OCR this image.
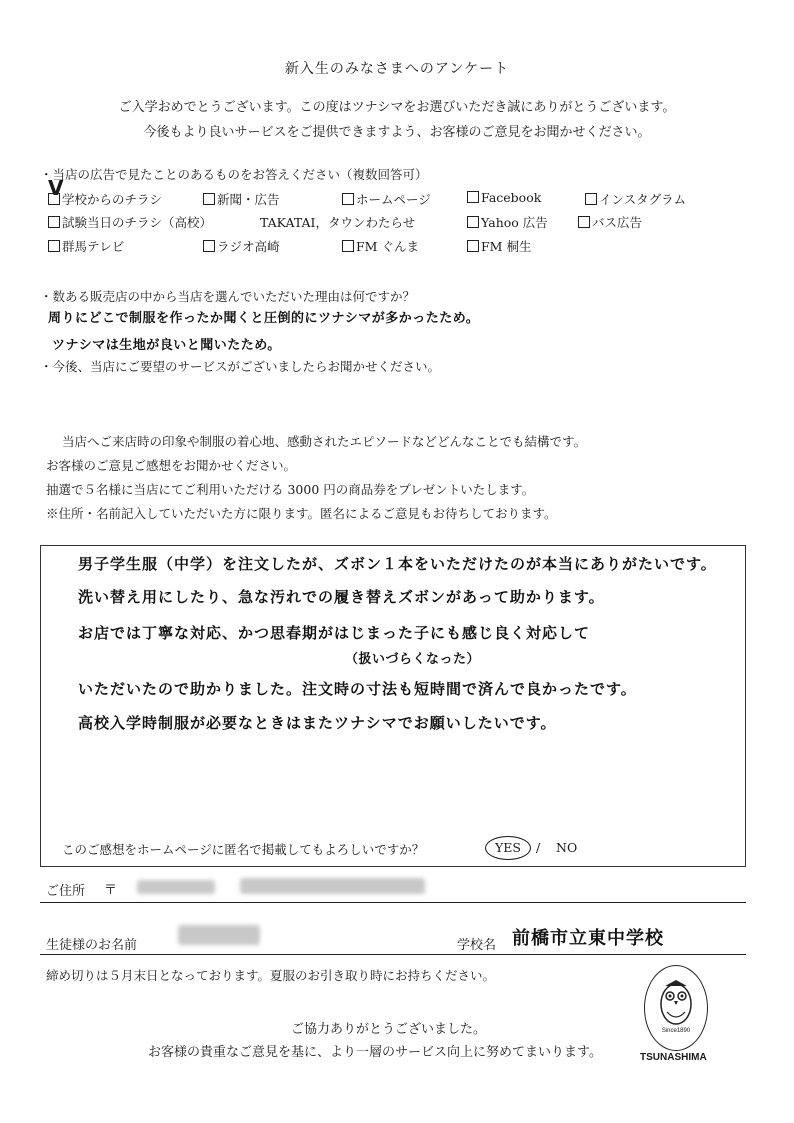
新入生のみなさまへのアンケート
ご入学おめでとうございます。この度はツナシマをお選びいただき誠にありがとうございます。
今後もより良いサービスをご提供できますよう、お客様のご意見をお聞かせください。
・当店の広告で見たことのあるものをお答えください（複数回答可）
V
学校からのチラシ	新聞・広告	ホームページ	Facebook	インスタグラム
試験当日のチラシ（高校）	TAKATAI，タウンわたらせ	Yahoo 広告	バス広告
群馬テレビ	ラジオ高崎	FM ぐんま	FM 桐生
・数ある販売店の中から当店を選んでいただいた理由は何ですか？
周りにどこで制服を作ったか聞くと圧倒的にツナシマが多かったため。
ツナシマは生地が良いと聞いたため。
・今後、当店にご要望のサービスがございましたらお聞かせください。
当店へご来店時の印象や制服の着心地、感動されたエピソードなどどんなことでも結構です。
お客様のご意見ご感想をお聞かせください。
抽選で５名様に当店にてご利用いただける 3000 円の商品券をプレゼントいたします。
※住所・名前記入していただいた方に限ります。匿名によるご意見もお待ちしております。
男子学生服（中学）を注文したが、ズボン１本をいただけたのが本当にありがたいです。
洗い替え用にしたり、急な汚れでの履き替えズボンがあって助かります。
お店では丁寧な対応、かつ思春期がはじまった子にも感じ良く対応して
（扱いづらくなった）
いただいたので助かりました。注文時の寸法も短時間で済んで良かったです。
高校入学時制服が必要なときはまたツナシマでお願いしたいです。
このご感想をホームページに匿名で掲載してもよろしいですか？	YES / NO
ご住所 〒
生徒様のお名前	学校名 前橋市立東中学校
締め切りは５月末日となっております。夏服のお引き取り時にお持ちください。
ご協力ありがとうございました。
お客様の貴重なご意見を基に、より一層のサービス向上に努めてまいります。
Since1890
TSUNASHIMA
